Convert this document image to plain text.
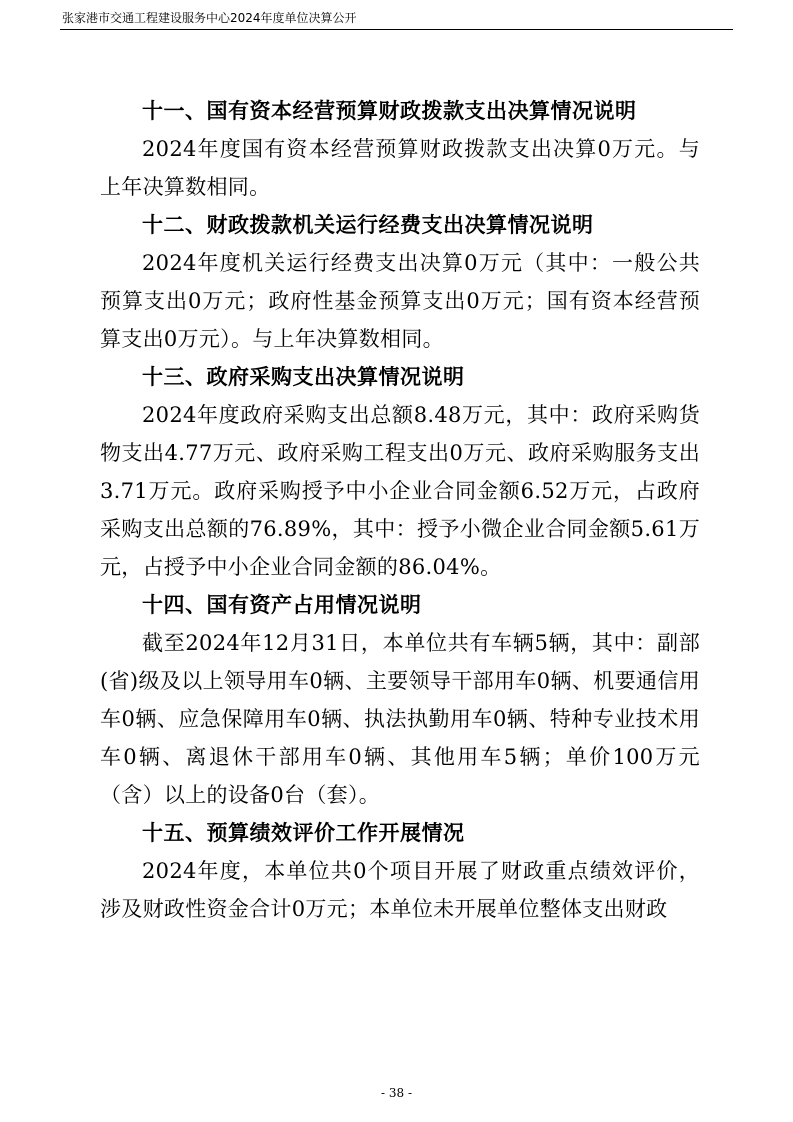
张家港市交通工程建设服务中心2024年度单位决算公开
十一、国有资本经营预算财政拨款支出决算情况说明

2024年度国有资本经营预算财政拨款支出决算0万元。与上年决算数相同。

十二、财政拨款机关运行经费支出决算情况说明

2024年度机关运行经费支出决算0万元（其中：一般公共预算支出0万元；政府性基金预算支出0万元；国有资本经营预算支出0万元）。与上年决算数相同。

十三、政府采购支出决算情况说明

2024年度政府采购支出总额8.48万元，其中：政府采购货物支出4.77万元、政府采购工程支出0万元、政府采购服务支出3.71万元。政府采购授予中小企业合同金额6.52万元，占政府采购支出总额的76.89%，其中：授予小微企业合同金额5.61万元，占授予中小企业合同金额的86.04%。

十四、国有资产占用情况说明

截至2024年12月31日，本单位共有车辆5辆，其中：副部(省)级及以上领导用车0辆、主要领导干部用车0辆、机要通信用车0辆、应急保障用车0辆、执法执勤用车0辆、特种专业技术用车0辆、离退休干部用车0辆、其他用车5辆；单价100万元（含）以上的设备0台（套）。

十五、预算绩效评价工作开展情况

2024年度，本单位共0个项目开展了财政重点绩效评价，涉及财政性资金合计0万元；本单位未开展单位整体支出财政

- 38 -
